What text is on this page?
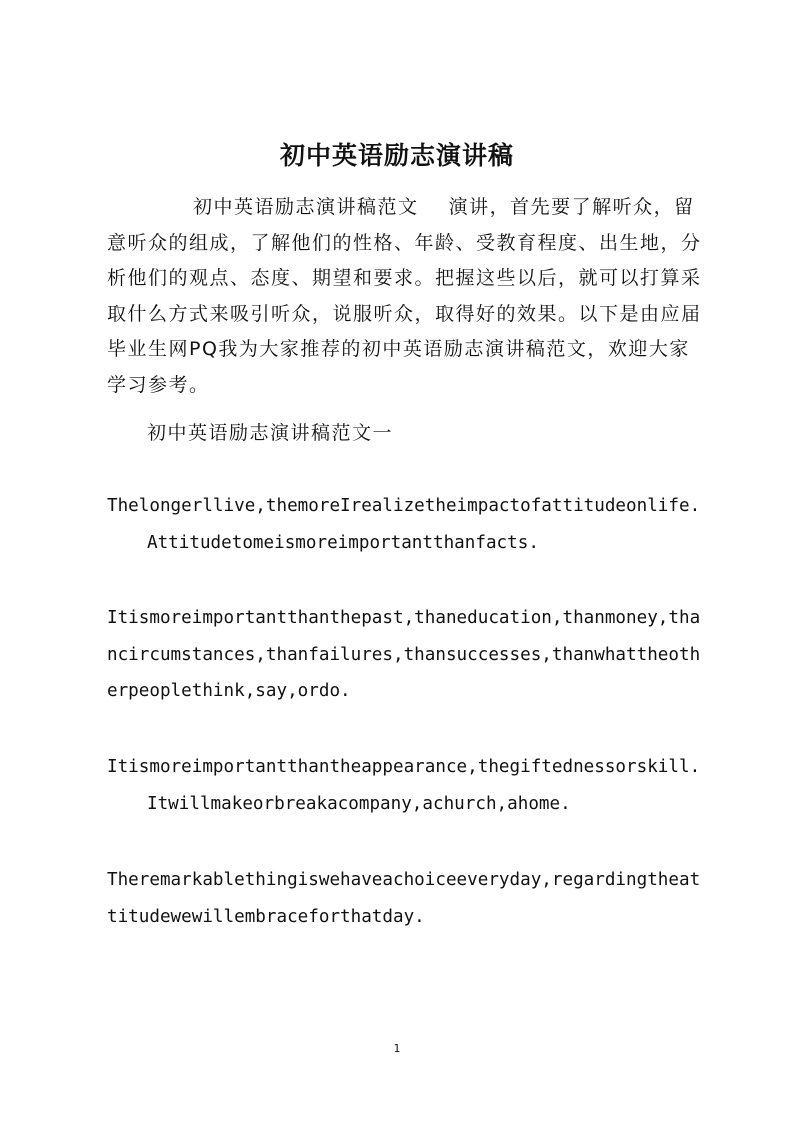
初中英语励志演讲稿

初中英语励志演讲稿范文    演讲，首先要了解听众，留意听众的组成，了解他们的性格、年龄、受教育程度、出生地，分析他们的观点、态度、期望和要求。把握这些以后，就可以打算采取什么方式来吸引听众，说服听众，取得好的效果。以下是由应届毕业生网PQ我为大家推荐的初中英语励志演讲稿范文，欢迎大家学习参考。

初中英语励志演讲稿范文一

Thelongerllive,themoreIrealizetheimpactofattitudeonlife.
Attitudetomeismoreimportantthanfacts.

Itismoreimportantthanthepast,thaneducation,thanmoney,thancircumstances,thanfailures,thansuccesses,thanwhattheotherpeoplethink,say,ordo.

Itismoreimportantthantheappearance,thegiftednessorskill.
Itwillmakeorbreakacompany,achurch,ahome.

Theremarkablethingiswehaveachoiceeveryday,regardingtheattitudewewillembraceforthatday.

1
